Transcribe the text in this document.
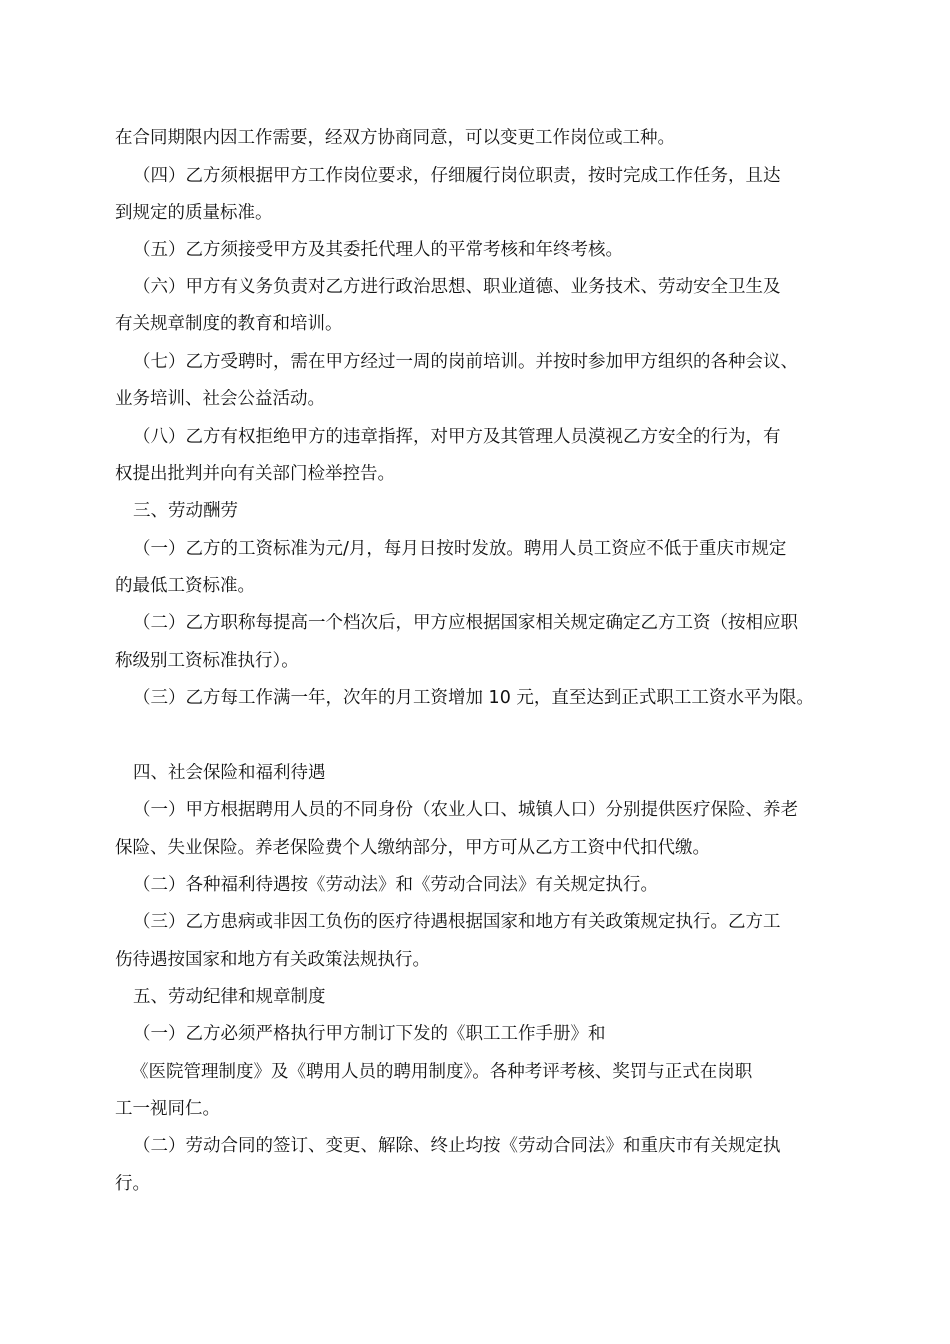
在合同期限内因工作需要，经双方协商同意，可以变更工作岗位或工种。
（四）乙方须根据甲方工作岗位要求，仔细履行岗位职责，按时完成工作任务，且达
到规定的质量标准。
（五）乙方须接受甲方及其委托代理人的平常考核和年终考核。
（六）甲方有义务负责对乙方进行政治思想、职业道德、业务技术、劳动安全卫生及
有关规章制度的教育和培训。
（七）乙方受聘时，需在甲方经过一周的岗前培训。并按时参加甲方组织的各种会议、
业务培训、社会公益活动。
（八）乙方有权拒绝甲方的违章指挥，对甲方及其管理人员漠视乙方安全的行为，有
权提出批判并向有关部门检举控告。
三、劳动酬劳
（一）乙方的工资标准为元/月，每月日按时发放。聘用人员工资应不低于重庆市规定
的最低工资标准。
（二）乙方职称每提高一个档次后，甲方应根据国家相关规定确定乙方工资（按相应职
称级别工资标准执行）。
（三）乙方每工作满一年，次年的月工资增加 10 元，直至达到正式职工工资水平为限。
四、社会保险和福利待遇
（一）甲方根据聘用人员的不同身份（农业人口、城镇人口）分别提供医疗保险、养老
保险、失业保险。养老保险费个人缴纳部分，甲方可从乙方工资中代扣代缴。
（二）各种福利待遇按《劳动法》和《劳动合同法》有关规定执行。
（三）乙方患病或非因工负伤的医疗待遇根据国家和地方有关政策规定执行。乙方工
伤待遇按国家和地方有关政策法规执行。
五、劳动纪律和规章制度
（一）乙方必须严格执行甲方制订下发的《职工工作手册》和
《医院管理制度》及《聘用人员的聘用制度》。各种考评考核、奖罚与正式在岗职
工一视同仁。
（二）劳动合同的签订、变更、解除、终止均按《劳动合同法》和重庆市有关规定执
行。
